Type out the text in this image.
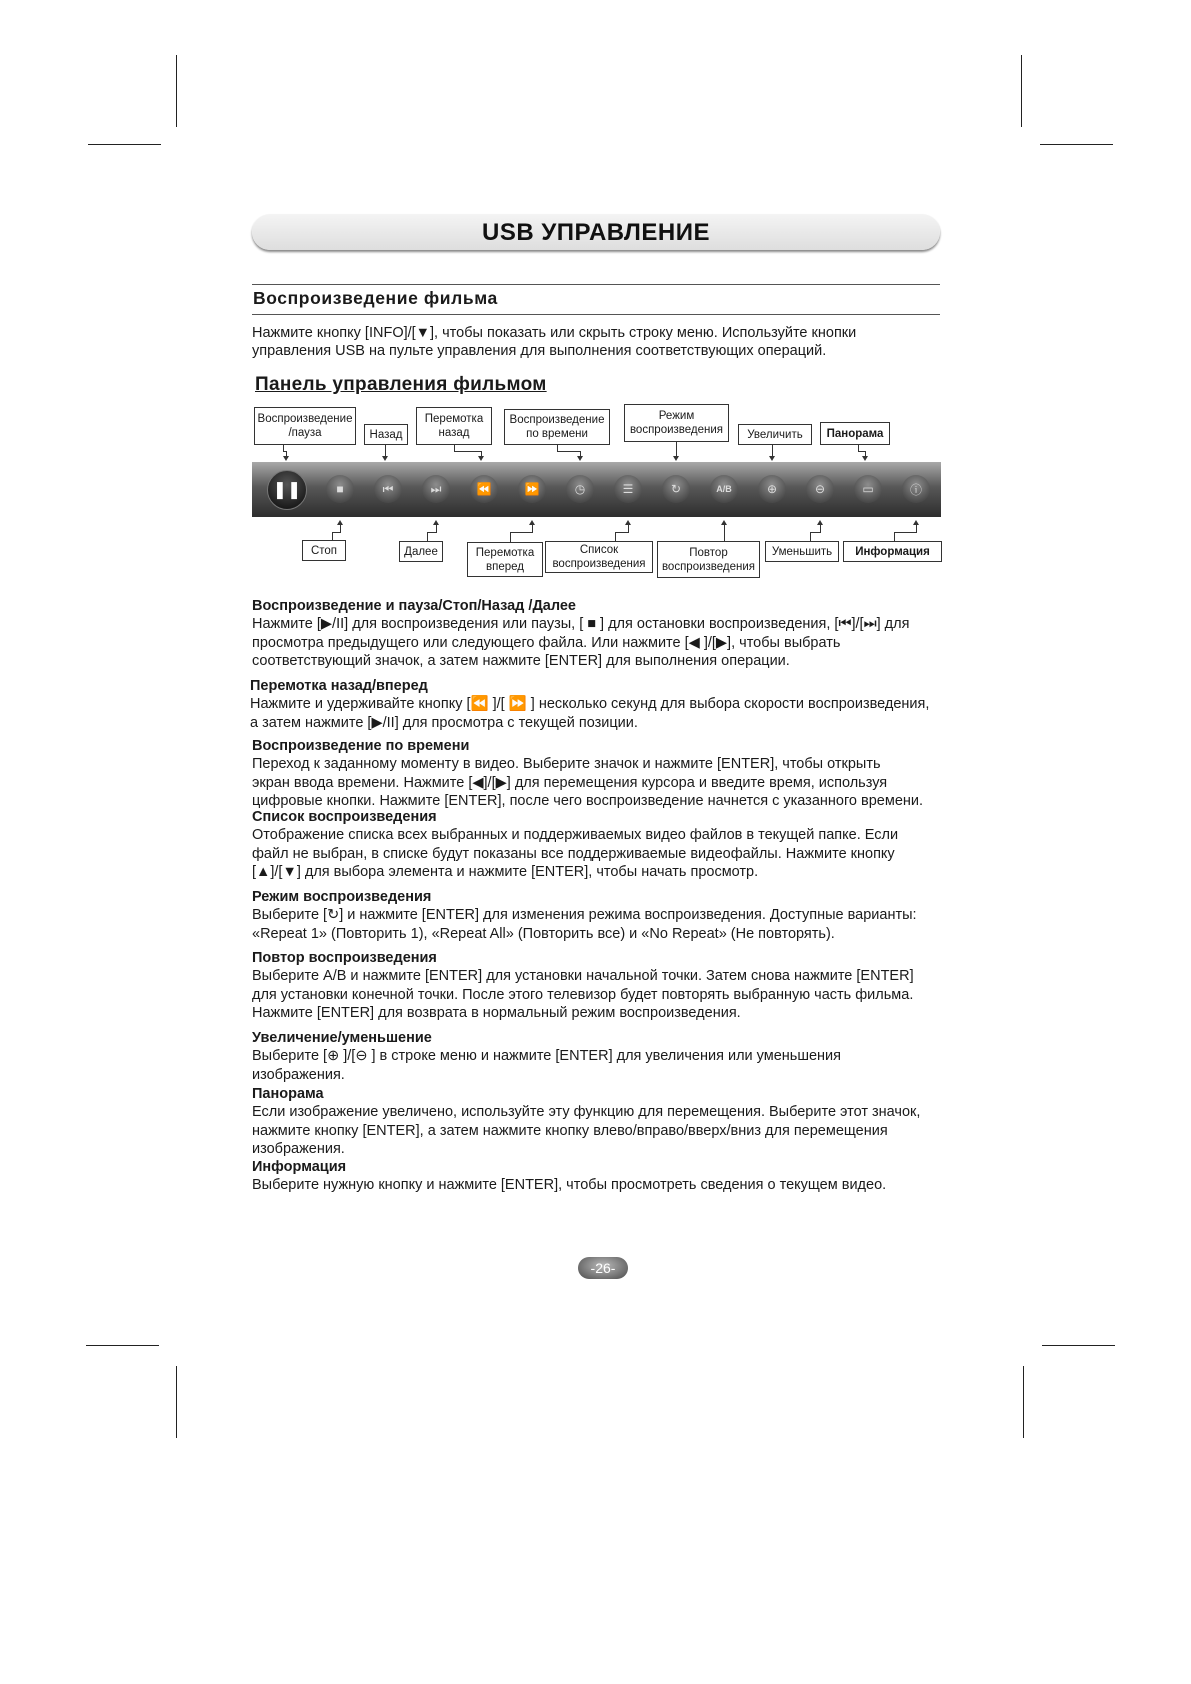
USB УПРАВЛЕНИЕ
Воспроизведение фильма
Нажмите кнопку [INFO]/[▼], чтобы показать или скрыть строку меню. Используйте кнопки
управления USB на пульте управления для выполнения соответствующих операций.
Панель управления фильмом
Воспроизведение /пауза	Назад
Перемотка назад
Воспроизведение по времени
Режим воспроизведения	Увеличить	Панорама
❚❚	■	⏮	⏭	⏪	⏩	◷	☰	↻	A/B	⊕	⊖	▭	ⓘ
Стоп	Далее	Перемотка вперед
Список воспроизведения
Повтор воспроизведения
Уменьшить	Информация
Воспроизведение и пауза/Стоп/Назад /Далее

Нажмите [▶/II] для воспроизведения или паузы, [ ■ ] для остановки воспроизведения, [⏮]/[⏭] для

просмотра предыдущего или следующего файла. Или нажмите [◀ ]/[▶], чтобы выбрать

соответствующий значок, а затем нажмите [ENTER] для выполнения операции.

Перемотка назад/вперед

Нажмите и удерживайте кнопку [⏪ ]/[ ⏩ ] несколько секунд для выбора скорости воспроизведения,

а затем нажмите [▶/II] для просмотра с текущей позиции.

Воспроизведение по времени

Переход к заданному моменту в видео. Выберите значок и нажмите [ENTER], чтобы открыть

экран ввода времени. Нажмите [◀]/[▶] для перемещения курсора и введите время, используя

цифровые кнопки. Нажмите [ENTER], после чего воспроизведение начнется с указанного времени.

Список воспроизведения

Отображение списка всех выбранных и поддерживаемых видео файлов в текущей папке. Если

файл не выбран, в списке будут показаны все поддерживаемые видеофайлы. Нажмите кнопку

[▲]/[▼] для выбора элемента и нажмите [ENTER], чтобы начать просмотр.

Режим воспроизведения

Выберите [↻] и нажмите [ENTER] для изменения режима воспроизведения. Доступные варианты:

«Repeat 1» (Повторить 1), «Repeat All» (Повторить все) и «No Repeat» (Не повторять).

Повтор воспроизведения

Выберите A/B и нажмите [ENTER] для установки начальной точки. Затем снова нажмите [ENTER]

для установки конечной точки. После этого телевизор будет повторять выбранную часть фильма.

Нажмите [ENTER] для возврата в нормальный режим воспроизведения.

Увеличение/уменьшение

Выберите [⊕ ]/[⊖ ] в строке меню и нажмите [ENTER] для увеличения или уменьшения

изображения.

Панорама

Если изображение увеличено, используйте эту функцию для перемещения. Выберите этот значок,

нажмите кнопку [ENTER], а затем нажмите кнопку влево/вправо/вверх/вниз для перемещения

изображения.

Информация

Выберите нужную кнопку и нажмите [ENTER], чтобы просмотреть сведения о текущем видео.

-26-
